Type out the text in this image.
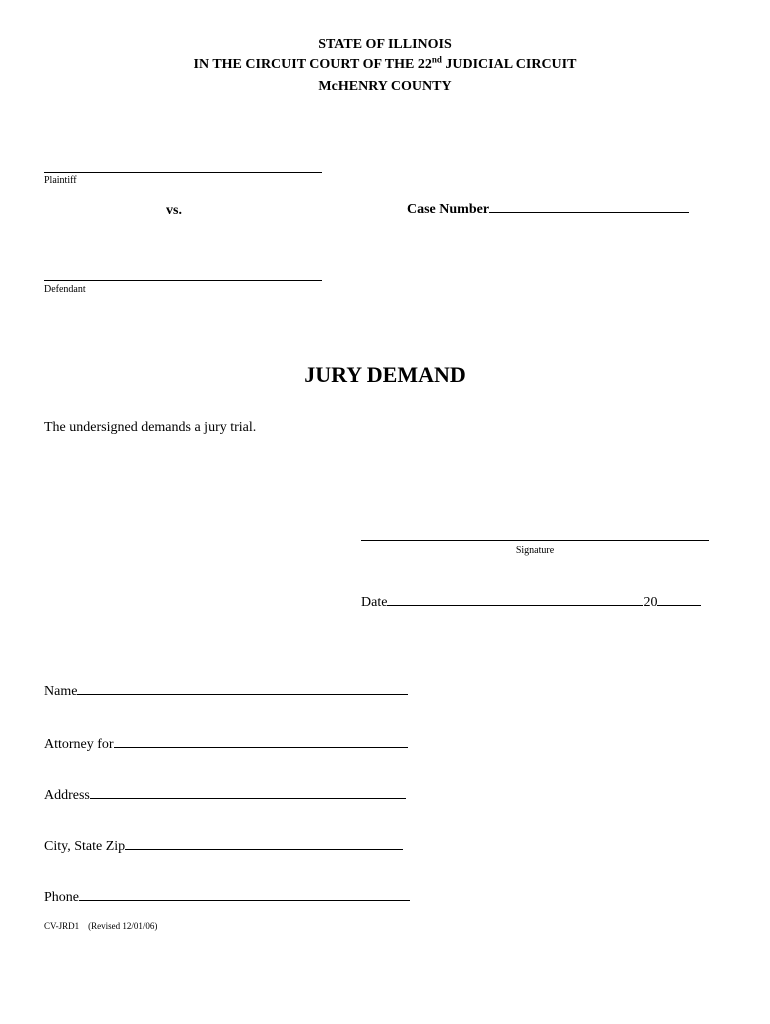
STATE OF ILLINOIS
IN THE CIRCUIT COURT OF THE 22nd JUDICIAL CIRCUIT
McHENRY COUNTY
Plaintiff
vs.	Case Number
Defendant
JURY DEMAND
The undersigned demands a jury trial.
Signature
Date	20
Name
Attorney for
Address
City, State Zip
Phone
CV-JRD1    (Revised 12/01/06)
